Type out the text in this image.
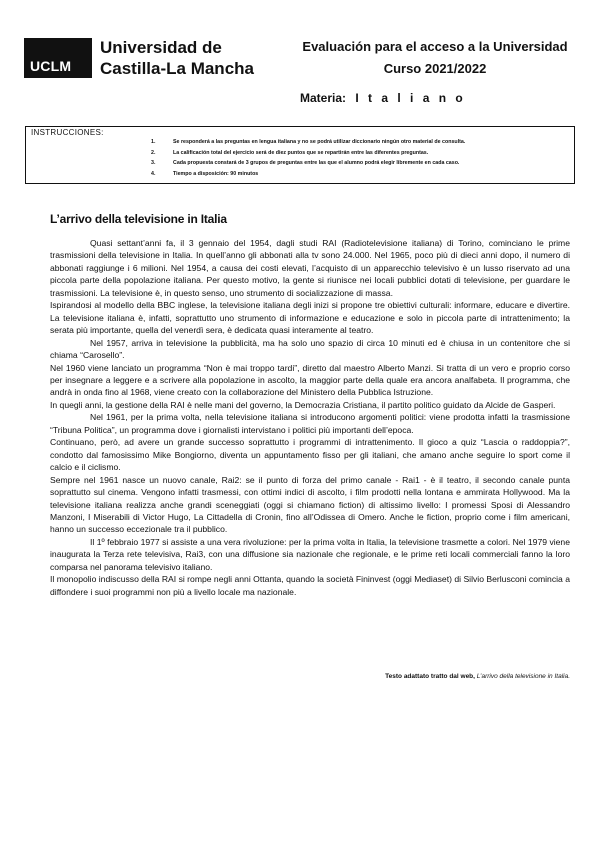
UCLM
Universidad de
Castilla-La Mancha
Evaluación para el acceso a la Universidad
Curso 2021/2022
Materia: I t a l i a n o
INSTRUCCIONES:
1.	Se responderá a las preguntas en lengua italiana y no se podrá utilizar diccionario ningún otro material de consulta.
2.	La calificación total del ejercicio será de diez puntos que se repartirán entre las diferentes preguntas.
3.	Cada propuesta constará de 3 grupos de preguntas entre las que el alumno podrá elegir libremente en cada caso.
4.	Tiempo a disposición: 90 minutos
L’arrivo della televisione in Italia

Quasi settant’anni fa, il 3 gennaio del 1954, dagli studi RAI (Radiotelevisione italiana) di Torino, cominciano le prime trasmissioni della televisione in Italia. In quell’anno gli abbonati alla tv sono 24.000. Nel 1965, poco più di dieci anni dopo, il numero di abbonati raggiunge i 6 milioni. Nel 1954, a causa dei costi elevati, l’acquisto di un apparecchio televisivo è un lusso riservato ad una piccola parte della popolazione italiana. Per questo motivo, la gente si riunisce nei locali pubblici dotati di televisione, per guardare le trasmissioni. La televisione è, in questo senso, uno strumento di socializzazione di massa.

Ispirandosi al modello della BBC inglese, la televisione italiana degli inizi si propone tre obiettivi culturali: informare, educare e divertire. La televisione italiana è, infatti, soprattutto uno strumento di informazione e educazione e solo in piccola parte di intrattenimento; la serata più importante, quella del venerdì sera, è dedicata quasi interamente al teatro.

Nel 1957, arriva in televisione la pubblicità, ma ha solo uno spazio di circa 10 minuti ed è chiusa in un contenitore che si chiama “Carosello”.

Nel 1960 viene lanciato un programma “Non è mai troppo tardi”, diretto dal maestro Alberto Manzi. Si tratta di un vero e proprio corso per insegnare a leggere e a scrivere alla popolazione in ascolto, la maggior parte della quale era ancora analfabeta. Il programma, che andrà in onda fino al 1968, viene creato con la collaborazione del Ministero della Pubblica Istruzione.

In quegli anni, la gestione della RAI è nelle mani del governo, la Democrazia Cristiana, il partito politico guidato da Alcide de Gasperi.

Nel 1961, per la prima volta, nella televisione italiana si introducono argomenti politici: viene prodotta infatti la trasmissione “Tribuna Politica”, un programma dove i giornalisti intervistano i politici più importanti dell’epoca.

Continuano, però, ad avere un grande successo soprattutto i programmi di intrattenimento. Il gioco a quiz “Lascia o raddoppia?”, condotto dal famosissimo Mike Bongiorno, diventa un appuntamento fisso per gli italiani, che amano anche seguire lo sport come il calcio e il ciclismo.

Sempre nel 1961 nasce un nuovo canale, Rai2: se il punto di forza del primo canale - Rai1 - è il teatro, il secondo canale punta soprattutto sul cinema. Vengono infatti trasmessi, con ottimi indici di ascolto, i film prodotti nella lontana e ammirata Hollywood. Ma la televisione italiana realizza anche grandi sceneggiati (oggi si chiamano fiction) di altissimo livello: I promessi Sposi di Alessandro Manzoni, I Miserabili di Victor Hugo, La Cittadella di Cronin, fino all’Odissea di Omero. Anche le fiction, proprio come i film americani, hanno un successo eccezionale tra il pubblico.

Il 1º febbraio 1977 si assiste a una vera rivoluzione: per la prima volta in Italia, la televisione trasmette a colori. Nel 1979 viene inaugurata la Terza rete televisiva, Rai3, con una diffusione sia nazionale che regionale, e le prime reti locali commerciali fanno la loro comparsa nel panorama televisivo italiano.

Il monopolio indiscusso della RAI si rompe negli anni Ottanta, quando la società Fininvest (oggi Mediaset) di Silvio Berlusconi comincia a diffondere i suoi programmi non più a livello locale ma nazionale.

Testo adattato tratto dal web, L’arrivo della televisione in Italia.
